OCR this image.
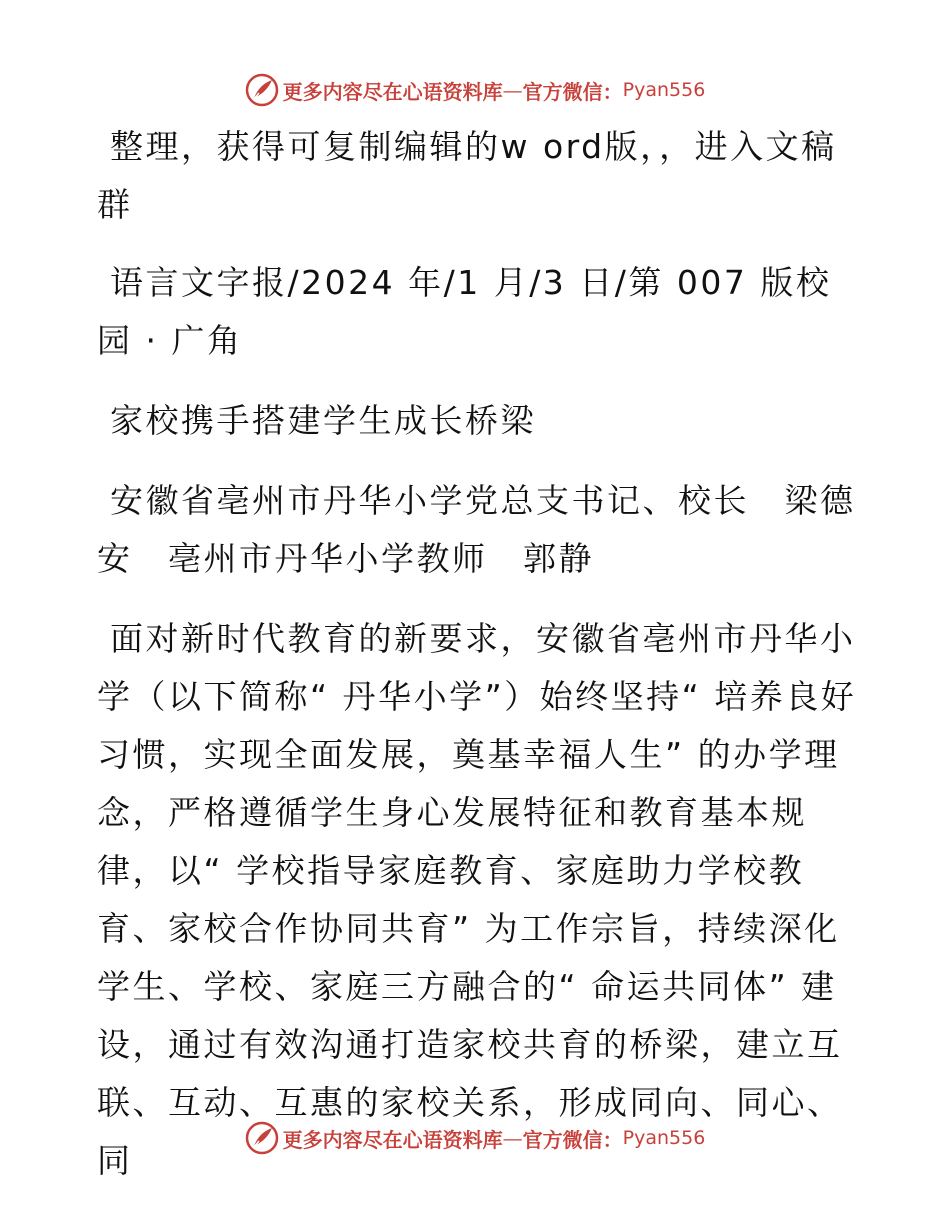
更多内容尽在心语资料库 — 官方微信： Pyan556

整理，获得可复制编辑的w ord版，，进入文稿群

语言文字报/2024 年/1 月/3 日/第 007 版校园 · 广角

家校携手搭建学生成长桥梁

安徽省亳州市丹华小学党总支书记、校长　梁德安　亳州市丹华小学教师　郭静

面对新时代教育的新要求，安徽省亳州市丹华小学（以下简称“ 丹华小学”）始终坚持“ 培养良好习惯，实现全面发展，奠基幸福人生” 的办学理念，严格遵循学生身心发展特征和教育基本规律，以“ 学校指导家庭教育、家庭助力学校教育、家校合作协同共育” 为工作宗旨，持续深化学生、学校、家庭三方融合的“ 命运共同体” 建设，通过有效沟通打造家校共育的桥梁，建立互联、互动、互惠的家校关系，形成同向、同心、同

更多内容尽在心语资料库 — 官方微信： Pyan556
